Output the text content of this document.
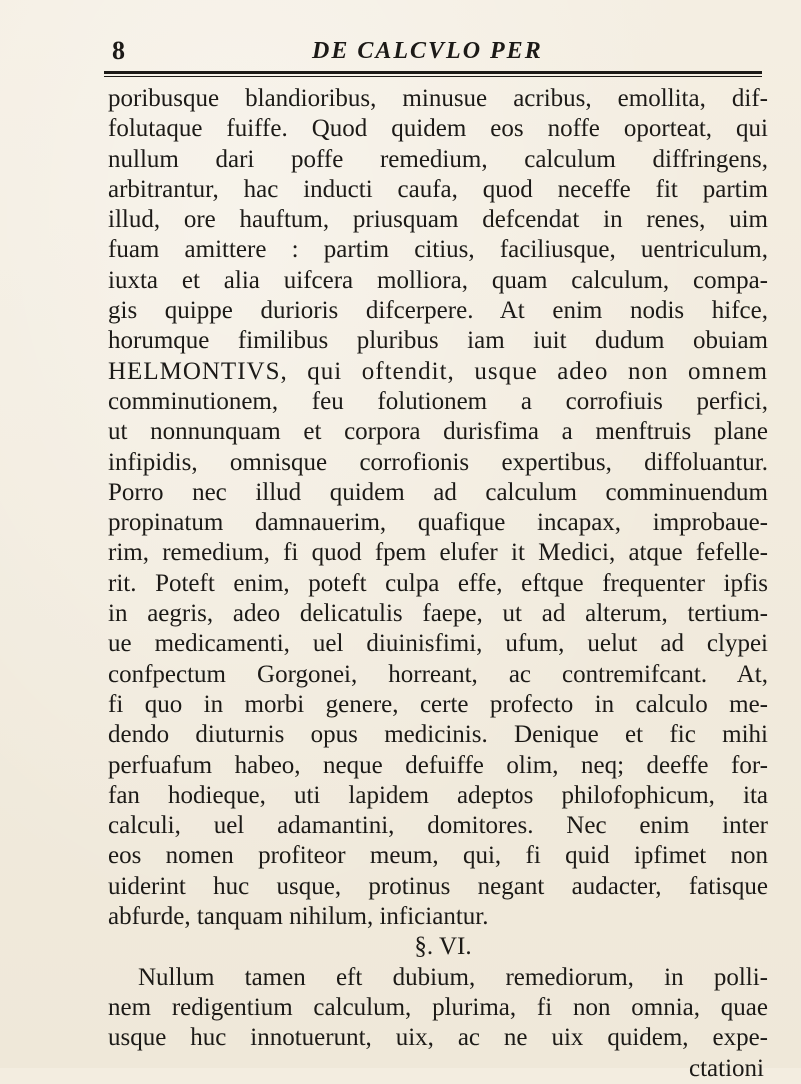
8	DE CALCVLO PER
poribusque blandioribus, minusue acribus, emollita, dif-
folutaque fuiffe. Quod quidem eos noffe oporteat, qui
nullum dari poffe remedium, calculum diffringens,
arbitrantur, hac inducti caufa, quod neceffe fit partim
illud, ore hauftum, priusquam defcendat in renes, uim
fuam amittere : partim citius, faciliusque, uentriculum,
iuxta et alia uifcera molliora, quam calculum, compa-
gis quippe durioris difcerpere. At enim nodis hifce,
horumque fimilibus pluribus iam iuit dudum obuiam
HELMONTIVS, qui oftendit, usque adeo non omnem
comminutionem, feu folutionem a corrofiuis perfici,
ut nonnunquam et corpora durisfima a menftruis plane
infipidis, omnisque corrofionis expertibus, diffoluantur.
Porro nec illud quidem ad calculum comminuendum
propinatum damnauerim, quafique incapax, improbaue-
rim, remedium, fi quod fpem elufer it Medici, atque fefelle-
rit. Poteft enim, poteft culpa effe, eftque frequenter ipfis
in aegris, adeo delicatulis faepe, ut ad alterum, tertium-
ue medicamenti, uel diuinisfimi, ufum, uelut ad clypei
confpectum Gorgonei, horreant, ac contremifcant. At,
fi quo in morbi genere, certe profecto in calculo me-
dendo diuturnis opus medicinis. Denique et fic mihi
perfuafum habeo, neque defuiffe olim, neq; deeffe for-
fan hodieque, uti lapidem adeptos philofophicum, ita
calculi, uel adamantini, domitores. Nec enim inter
eos nomen profiteor meum, qui, fi quid ipfimet non
uiderint huc usque, protinus negant audacter, fatisque
abfurde, tanquam nihilum, inficiantur.
§. VI.
Nullum tamen eft dubium, remediorum, in polli-
nem redigentium calculum, plurima, fi non omnia, quae
usque huc innotuerunt, uix, ac ne uix quidem, expe-
ctationi
